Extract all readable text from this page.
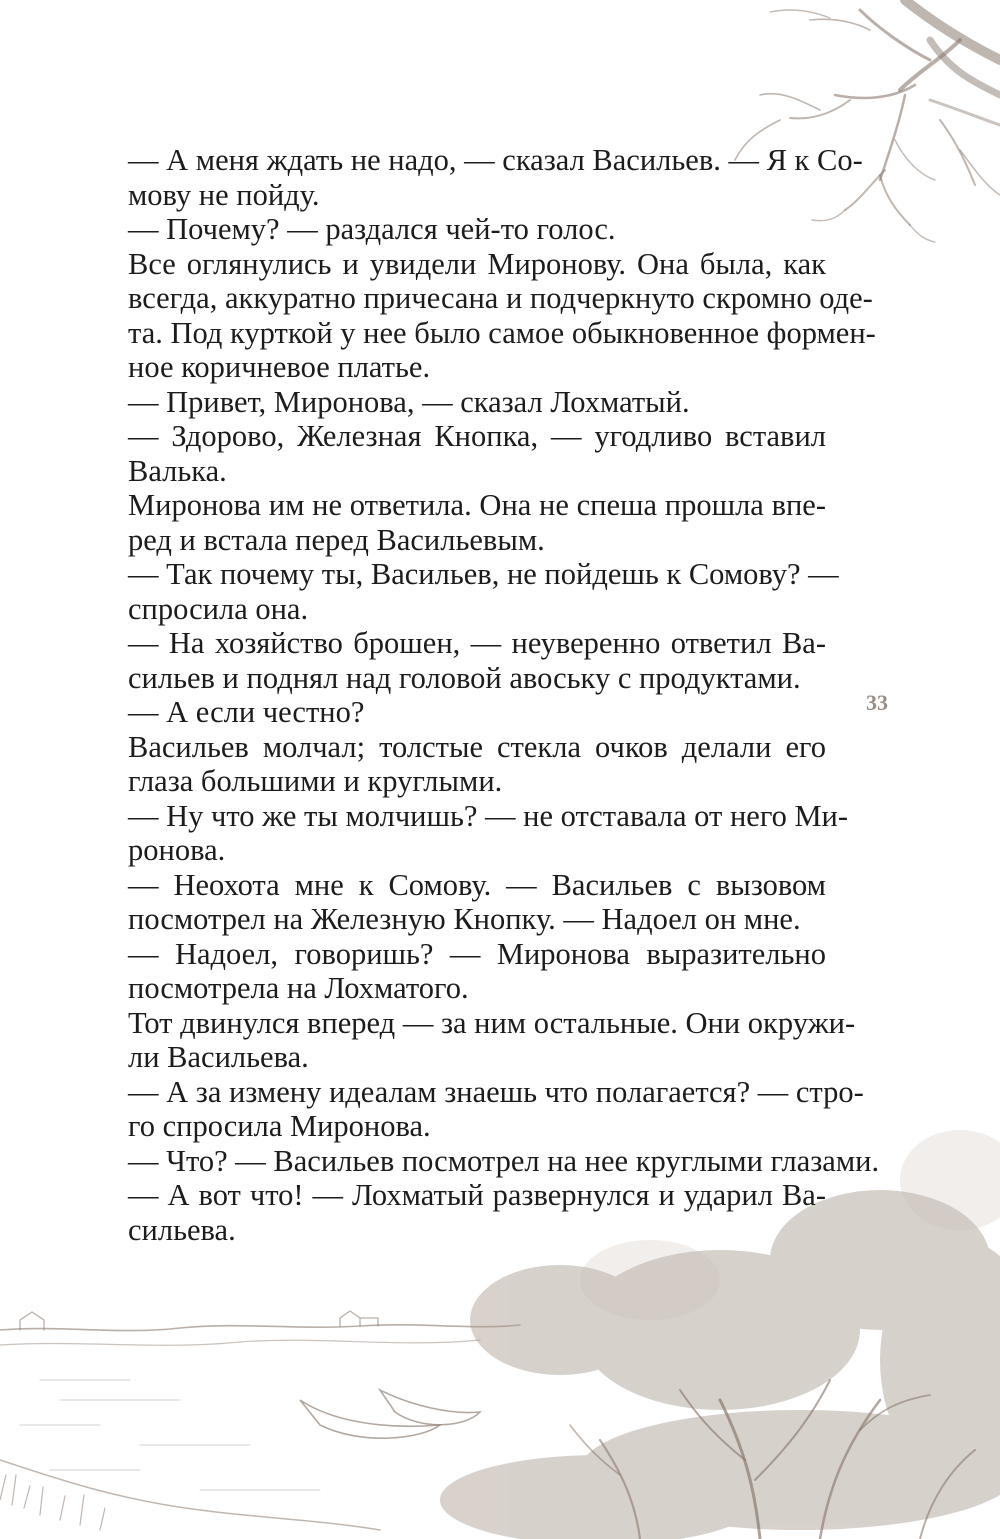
— А меня ждать не надо, — сказал Васильев. — Я к Со-
мову не пойду.
— Почему? — раздался чей-то голос.
Все оглянулись и увидели Миронову. Она была, как
всегда, аккуратно причесана и подчеркнуто скромно оде-
та. Под курткой у нее было самое обыкновенное формен-
ное коричневое платье.
— Привет, Миронова, — сказал Лохматый.
— Здорово, Железная Кнопка, — угодливо вставил
Валька.
Миронова им не ответила. Она не спеша прошла впе-
ред и встала перед Васильевым.
— Так почему ты, Васильев, не пойдешь к Сомову? —
спросила она.
— На хозяйство брошен, — неуверенно ответил Ва-
сильев и поднял над головой авоську с продуктами.
— А если честно?
Васильев молчал; толстые стекла очков делали его
глаза большими и круглыми.
— Ну что же ты молчишь? — не отставала от него Ми-
ронова.
— Неохота мне к Сомову. — Васильев с вызовом
посмотрел на Железную Кнопку. — Надоел он мне.
— Надоел, говоришь? — Миронова выразительно
посмотрела на Лохматого.
Тот двинулся вперед — за ним остальные. Они окружи-
ли Васильева.
— А за измену идеалам знаешь что полагается? — стро-
го спросила Миронова.
— Что? — Васильев посмотрел на нее круглыми глазами.
— А вот что! — Лохматый развернулся и ударил Ва-
сильева.
33
